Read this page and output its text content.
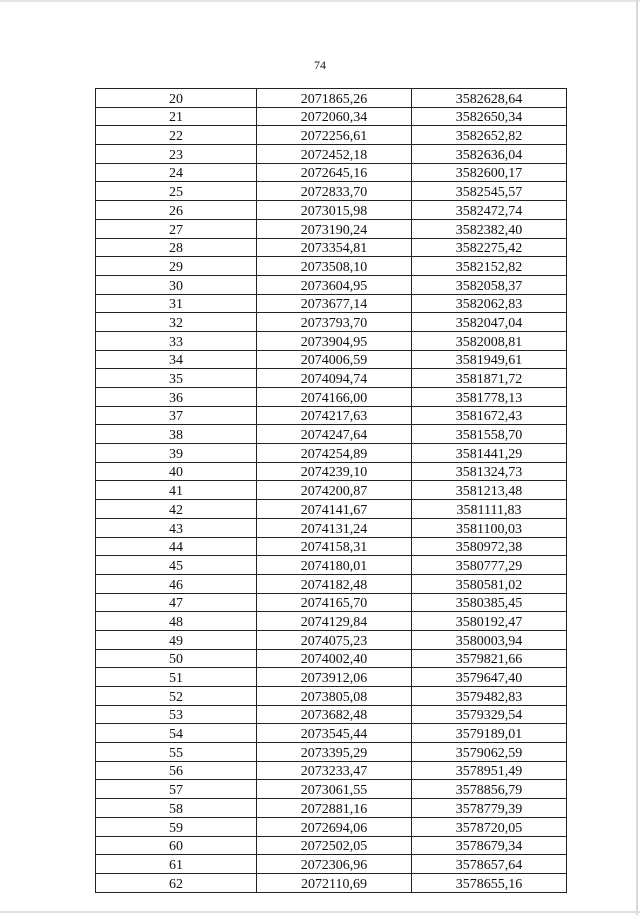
74
20	2071865,26	3582628,64
21	2072060,34	3582650,34
22	2072256,61	3582652,82
23	2072452,18	3582636,04
24	2072645,16	3582600,17
25	2072833,70	3582545,57
26	2073015,98	3582472,74
27	2073190,24	3582382,40
28	2073354,81	3582275,42
29	2073508,10	3582152,82
30	2073604,95	3582058,37
31	2073677,14	3582062,83
32	2073793,70	3582047,04
33	2073904,95	3582008,81
34	2074006,59	3581949,61
35	2074094,74	3581871,72
36	2074166,00	3581778,13
37	2074217,63	3581672,43
38	2074247,64	3581558,70
39	2074254,89	3581441,29
40	2074239,10	3581324,73
41	2074200,87	3581213,48
42	2074141,67	3581111,83
43	2074131,24	3581100,03
44	2074158,31	3580972,38
45	2074180,01	3580777,29
46	2074182,48	3580581,02
47	2074165,70	3580385,45
48	2074129,84	3580192,47
49	2074075,23	3580003,94
50	2074002,40	3579821,66
51	2073912,06	3579647,40
52	2073805,08	3579482,83
53	2073682,48	3579329,54
54	2073545,44	3579189,01
55	2073395,29	3579062,59
56	2073233,47	3578951,49
57	2073061,55	3578856,79
58	2072881,16	3578779,39
59	2072694,06	3578720,05
60	2072502,05	3578679,34
61	2072306,96	3578657,64
62	2072110,69	3578655,16
